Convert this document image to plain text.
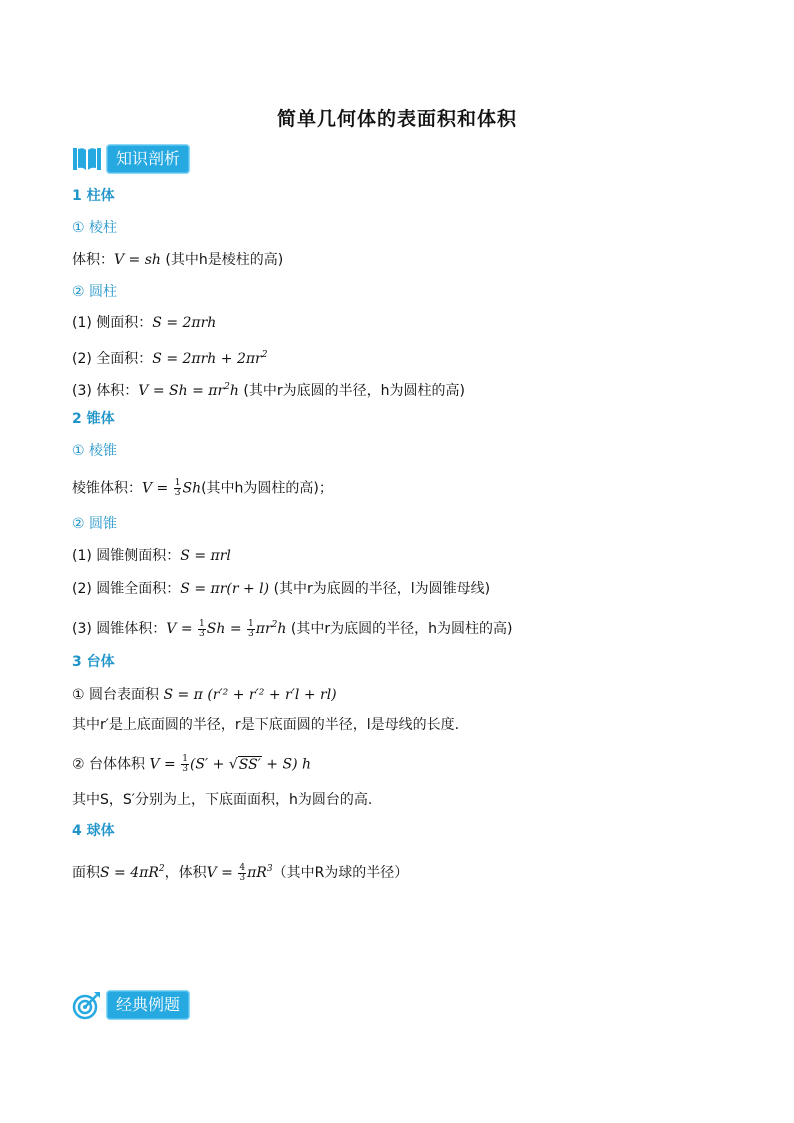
简单几何体的表面积和体积
知识剖析
1 柱体
① 棱柱
体积：V = sh (其中h是棱柱的高)
② 圆柱
(1) 侧面积：S = 2πrh
(2) 全面积：$S = 2\pi rh + 2\pi r^2$
(3) 体积：$V = Sh = \pi r^2h$ (其中r为底圆的半径，h为圆柱的高)
2 锥体
① 棱锥
棱锥体积：$V = \frac{1}{3} Sh$(其中h为圆柱的高)；
② 圆锥
(1) 圆锥侧面积：S = πrl
(2) 圆锥全面积：S = πr(r + l) (其中r为底圆的半径，l为圆锥母线)
(3) 圆锥体积：$V = \frac{1}{3}$ $Sh = \frac{1}{3} \pi r^2h$ (其中r为底圆的半径，h为圆柱的高)
3 台体
① 圆台表面积 S = π (r′² + r′² + r′l + rl)
其中r′是上底面圆的半径，r是下底面圆的半径，l是母线的长度.
② 台体体积 $V = \frac{1}{3} (S' + √SS' + S)$ h
其中S，S′分别为上，下底面面积，h为圆台的高.
4 球体
面积$S = 4\pi R^2$，体积$V = \frac{4}{3} \pi R^3$（其中R为球的半径）
经典例题
